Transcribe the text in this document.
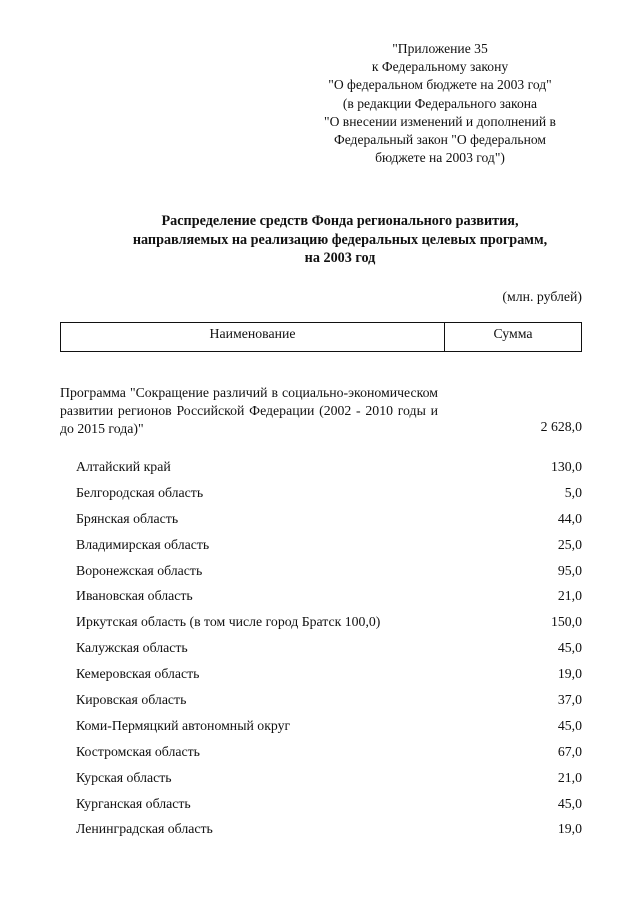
"Приложение 35
к Федеральному закону
"О федеральном бюджете на 2003 год"
(в редакции Федерального закона
"О внесении изменений и дополнений в
Федеральный закон "О федеральном
бюджете на 2003 год")
Распределение средств Фонда регионального развития,
направляемых на реализацию федеральных целевых программ,
на 2003 год
(млн. рублей)
Наименование	Сумма
Программа "Сокращение различий в социально-экономическом развитии регионов Российской Федерации (2002 - 2010 годы и до 2015 года)"	2 628,0
Алтайский край	130,0
Белгородская область	5,0
Брянская область	44,0
Владимирская область	25,0
Воронежская область	95,0
Ивановская область	21,0
Иркутская область (в том числе город Братск 100,0)	150,0
Калужская область	45,0
Кемеровская область	19,0
Кировская область	37,0
Коми-Пермяцкий автономный округ	45,0
Костромская область	67,0
Курская область	21,0
Курганская область	45,0
Ленинградская область	19,0
